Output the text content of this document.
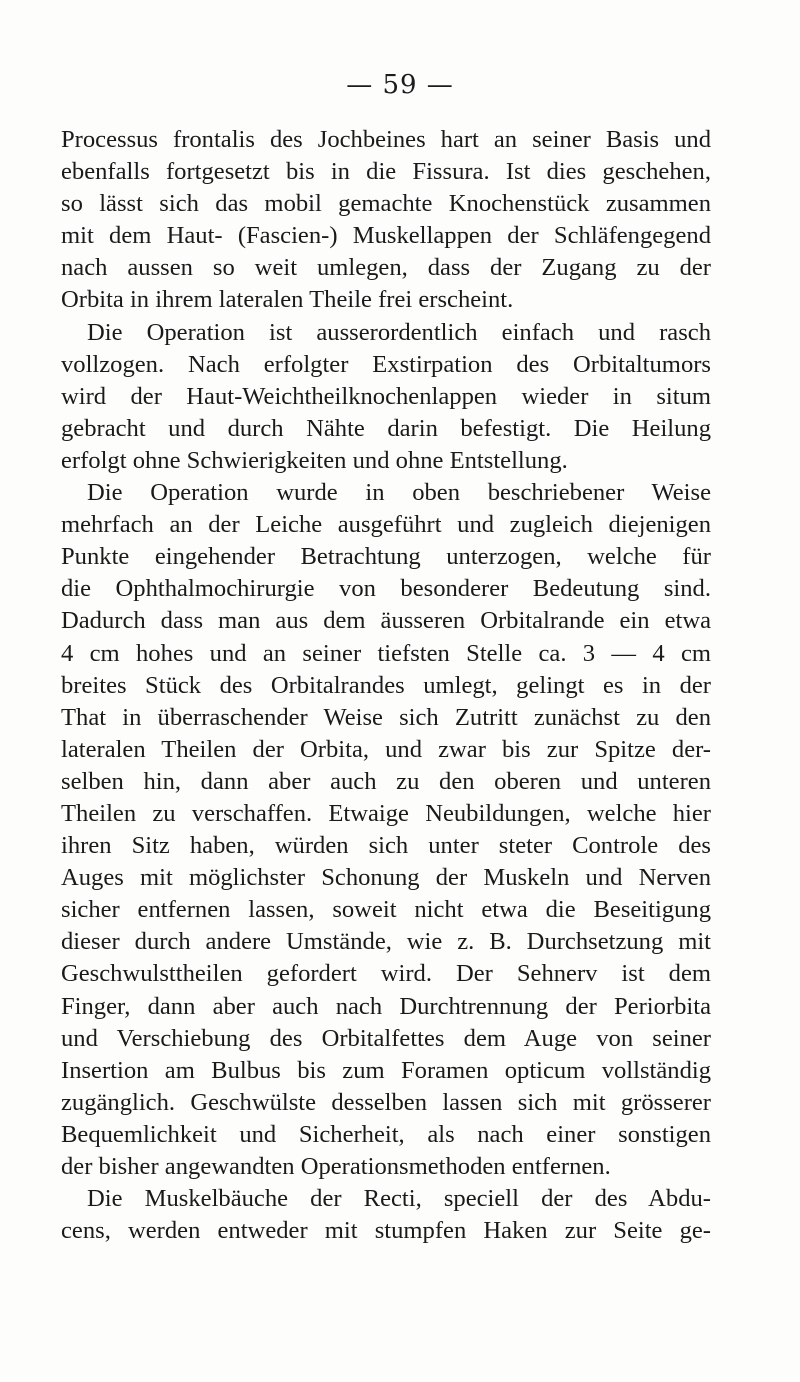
— 59 —
Processus frontalis des Jochbeines hart an seiner Basis und
ebenfalls fortgesetzt bis in die Fissura. Ist dies geschehen,
so lässt sich das mobil gemachte Knochenstück zusammen
mit dem Haut- (Fascien-) Muskellappen der Schläfengegend
nach aussen so weit umlegen, dass der Zugang zu der
Orbita in ihrem lateralen Theile frei erscheint.
Die Operation ist ausserordentlich einfach und rasch
vollzogen. Nach erfolgter Exstirpation des Orbitaltumors
wird der Haut-Weichtheilknochenlappen wieder in situm
gebracht und durch Nähte darin befestigt. Die Heilung
erfolgt ohne Schwierigkeiten und ohne Entstellung.
Die Operation wurde in oben beschriebener Weise
mehrfach an der Leiche ausgeführt und zugleich diejenigen
Punkte eingehender Betrachtung unterzogen, welche für
die Ophthalmochirurgie von besonderer Bedeutung sind.
Dadurch dass man aus dem äusseren Orbitalrande ein etwa
4 cm hohes und an seiner tiefsten Stelle ca. 3 — 4 cm
breites Stück des Orbitalrandes umlegt, gelingt es in der
That in überraschender Weise sich Zutritt zunächst zu den
lateralen Theilen der Orbita, und zwar bis zur Spitze der-
selben hin, dann aber auch zu den oberen und unteren
Theilen zu verschaffen. Etwaige Neubildungen, welche hier
ihren Sitz haben, würden sich unter steter Controle des
Auges mit möglichster Schonung der Muskeln und Nerven
sicher entfernen lassen, soweit nicht etwa die Beseitigung
dieser durch andere Umstände, wie z. B. Durchsetzung mit
Geschwulsttheilen gefordert wird. Der Sehnerv ist dem
Finger, dann aber auch nach Durchtrennung der Periorbita
und Verschiebung des Orbitalfettes dem Auge von seiner
Insertion am Bulbus bis zum Foramen opticum vollständig
zugänglich. Geschwülste desselben lassen sich mit grösserer
Bequemlichkeit und Sicherheit, als nach einer sonstigen
der bisher angewandten Operationsmethoden entfernen.
Die Muskelbäuche der Recti, speciell der des Abdu-
cens, werden entweder mit stumpfen Haken zur Seite ge-
